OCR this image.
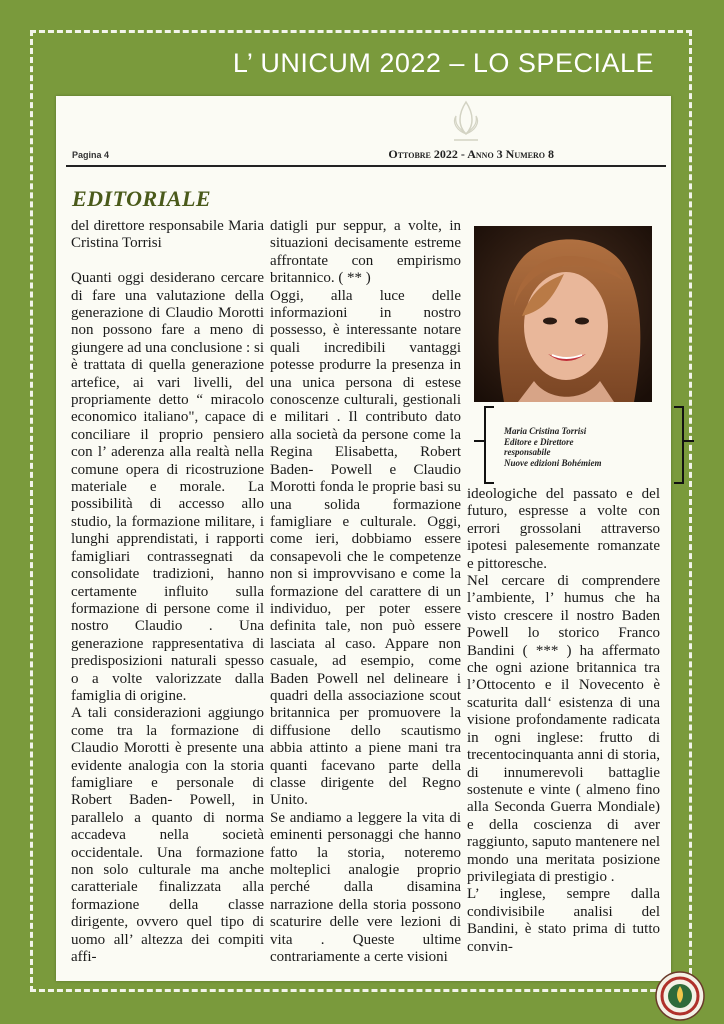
L’ UNICUM 2022 – LO SPECIALE
Pagina 4	Ottobre 2022 - Anno 3 Numero 8
EDITORIALE

del direttore responsabile Maria Cristina Torrisi

Quanti oggi desiderano cercare di fare una valutazione della generazione di Claudio Morotti non possono fare a meno di giungere ad una conclusione : si è trattata di quella generazione artefice, ai vari livelli, del propriamente detto “ miracolo economico italiano", capace di conciliare il proprio pensiero con l’ aderenza alla realtà nella comune opera di ricostruzione materiale e morale. La possibilità di accesso allo studio, la formazione militare, i lunghi apprendistati, i rapporti famigliari contrassegnati da consolidate tradizioni, hanno certamente influito sulla formazione di persone come il nostro Claudio . Una generazione rappresentativa di predisposizioni naturali spesso o a volte valorizzate dalla famiglia di origine.

A tali considerazioni aggiungo come tra la formazione di Claudio Morotti è presente una evidente analogia con la storia famigliare e personale di Robert Baden- Powell, in parallelo a quanto di norma accadeva nella società occidentale. Una formazione non solo culturale ma anche caratteriale finalizzata alla formazione della classe dirigente, ovvero quel tipo di uomo all’ altezza dei compiti affi-

datigli pur seppur, a volte, in situazioni decisamente estreme affrontate con empirismo britannico. ( ** )

Oggi, alla luce delle informazioni in nostro possesso, è interessante notare quali incredibili vantaggi potesse produrre la presenza in una unica persona di estese conoscenze culturali, gestionali e militari . Il contributo dato alla società da persone come la Regina Elisabetta, Robert Baden- Powell e Claudio Morotti fonda le proprie basi su una solida formazione famigliare e culturale. Oggi, come ieri, dobbiamo essere consapevoli che le competenze non si improvvisano e come la formazione del carattere di un individuo, per poter essere definita tale, non può essere lasciata al caso. Appare non casuale, ad esempio, come Baden Powell nel delineare i quadri della associazione scout britannica per promuovere la diffusione dello scautismo abbia attinto a piene mani tra quanti facevano parte della classe dirigente del Regno Unito.

Se andiamo a leggere la vita di eminenti personaggi che hanno fatto la storia, noteremo molteplici analogie proprio perché dalla disamina narrazione della storia possono scaturire delle vere lezioni di vita . Queste ultime contrariamente a certe visioni

Maria Cristina Torrisi
Editore e Direttore
responsabile
Nuove edizioni Bohémiem

ideologiche del passato e del futuro, espresse a volte con errori grossolani attraverso ipotesi palesemente romanzate e pittoresche.

Nel cercare di comprendere l’ambiente, l’ humus che ha visto crescere il nostro Baden Powell lo storico Franco Bandini ( *** ) ha affermato che ogni azione britannica tra l’Ottocento e il Novecento è scaturita dall‘ esistenza di una visione profondamente radicata in ogni inglese: frutto di trecentocinquanta anni di storia, di innumerevoli battaglie sostenute e vinte ( almeno fino alla Seconda Guerra Mondiale) e della coscienza di aver raggiunto, saputo mantenere nel mondo una meritata posizione privilegiata di prestigio .

L’ inglese, sempre dalla condivisibile analisi del Bandini, è stato prima di tutto convin-
